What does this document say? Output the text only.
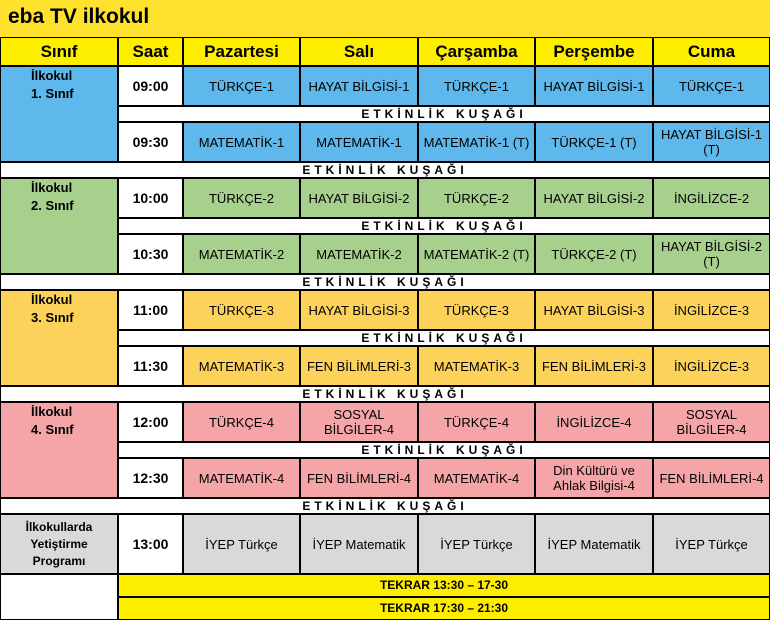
eba TV ilkokul
Sınıf	Saat	Pazartesi	Salı	Çarşamba	Perşembe	Cuma
İlkokul
1. Sınıf	09:00	TÜRKÇE-1	HAYAT BİLGİSİ-1	TÜRKÇE-1	HAYAT BİLGİSİ-1	TÜRKÇE-1
ETKİNLİK KUŞAĞI
09:30	MATEMATİK-1	MATEMATİK-1	MATEMATİK-1 (T)	TÜRKÇE-1 (T)	HAYAT BİLGİSİ-1 (T)
ETKİNLİK KUŞAĞI
İlkokul
2. Sınıf	10:00	TÜRKÇE-2	HAYAT BİLGİSİ-2	TÜRKÇE-2	HAYAT BİLGİSİ-2	İNGİLİZCE-2
ETKİNLİK KUŞAĞI
10:30	MATEMATİK-2	MATEMATİK-2	MATEMATİK-2 (T)	TÜRKÇE-2 (T)	HAYAT BİLGİSİ-2 (T)
ETKİNLİK KUŞAĞI
İlkokul
3. Sınıf	11:00	TÜRKÇE-3	HAYAT BİLGİSİ-3	TÜRKÇE-3	HAYAT BİLGİSİ-3	İNGİLİZCE-3
ETKİNLİK KUŞAĞI
11:30	MATEMATİK-3	FEN BİLİMLERİ-3	MATEMATİK-3	FEN BİLİMLERİ-3	İNGİLİZCE-3
ETKİNLİK KUŞAĞI
İlkokul
4. Sınıf	12:00	TÜRKÇE-4	SOSYAL BİLGİLER-4	TÜRKÇE-4	İNGİLİZCE-4	SOSYAL BİLGİLER-4
ETKİNLİK KUŞAĞI
12:30	MATEMATİK-4	FEN BİLİMLERİ-4	MATEMATİK-4	Din Kültürü ve Ahlak Bilgisi-4	FEN BİLİMLERİ-4
ETKİNLİK KUŞAĞI
İlkokullarda
Yetiştirme
Programı
13:00	İYEP Türkçe	İYEP Matematik	İYEP Türkçe	İYEP Matematik	İYEP Türkçe
TEKRAR 13:30 – 17-30
TEKRAR 17:30 – 21:30
